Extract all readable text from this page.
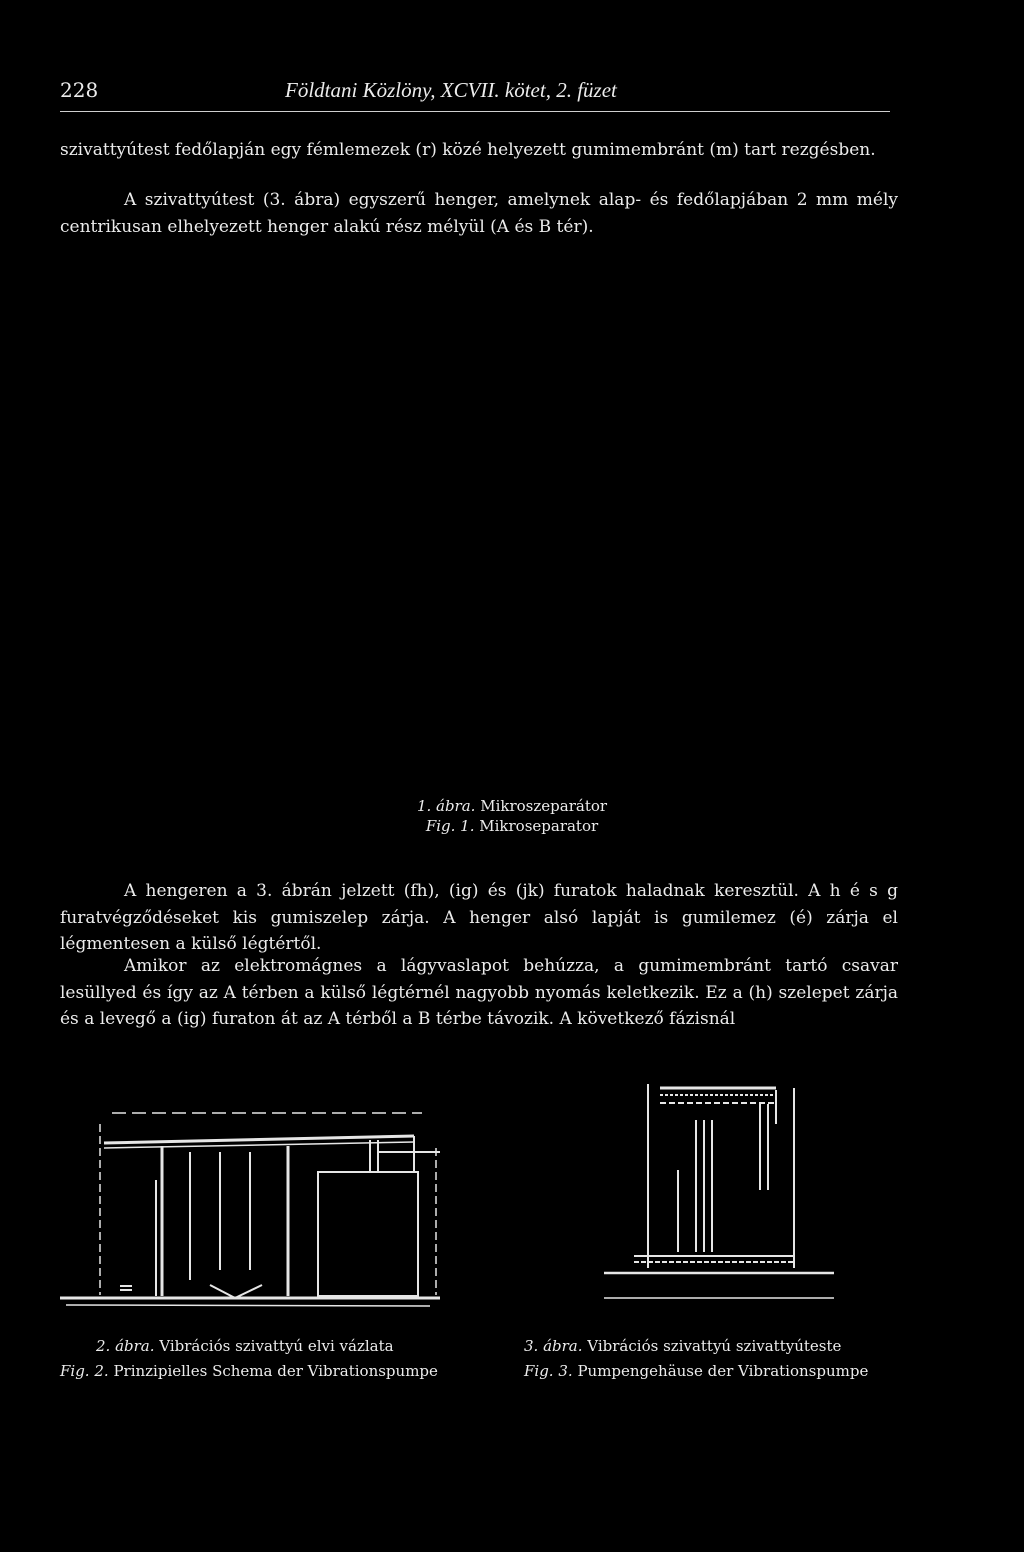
228	Földtani Közlöny, XCVII. kötet, 2. füzet

szivattyútest fedőlapján egy fémlemezek (r) közé helyezett gumimembránt (m) tart rezgésben.

A szivattyútest (3. ábra) egyszerű henger, amelynek alap- és fedőlapjában 2 mm mély centrikusan elhelyezett henger alakú rész mélyül (A és B tér).

1. ábra. Mikroszeparátor
Fig. 1. Mikroseparator

A hengeren a 3. ábrán jelzett (fh), (ig) és (jk) furatok haladnak keresztül. A h é s g furatvégződéseket kis gumiszelep zárja. A henger alsó lapját is gumilemez (é) zárja el légmentesen a külső légtértől.

Amikor az elektromágnes a lágyvaslapot behúzza, a gumimembránt tartó csavar lesüllyed és így az A térben a külső légtérnél nagyobb nyomás keletkezik. Ez a (h) szelepet zárja és a levegő a (ig) furaton át az A térből a B térbe távozik. A következő fázisnál

2. ábra. Vibrációs szivattyú elvi vázlata
Fig. 2. Prinzipielles Schema der Vibrationspumpe
3. ábra. Vibrációs szivattyú szivattyúteste
Fig. 3. Pumpengehäuse der Vibrationspumpe
